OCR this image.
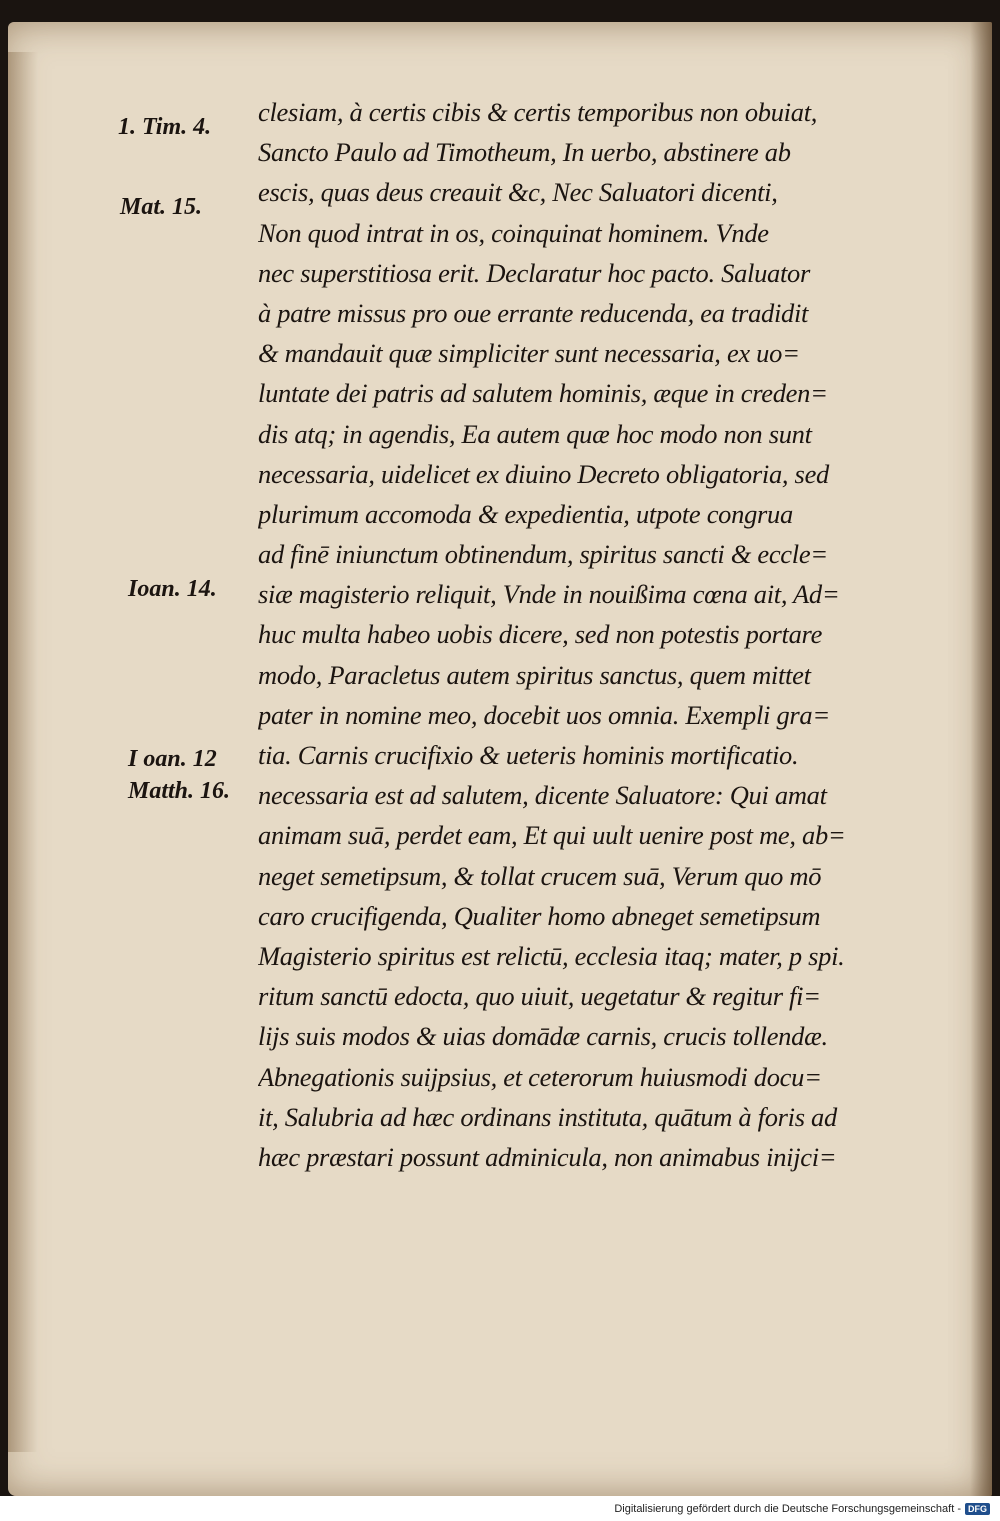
1. Tim. 4.
Mat. 15.
Ioan. 14.
I oan. 12
Matth. 16.
clesiam, à certis cibis & certis temporibus non obuiat,
Sancto Paulo ad Timotheum, In uerbo, abstinere ab
escis, quas deus creauit &c, Nec Saluatori dicenti,
Non quod intrat in os, coinquinat hominem. Vnde
nec superstitiosa erit. Declaratur hoc pacto. Saluator
à patre missus pro oue errante reducenda, ea tradidit
& mandauit quæ simpliciter sunt necessaria, ex uo=
luntate dei patris ad salutem hominis, æque in creden=
dis atq; in agendis, Ea autem quæ hoc modo non sunt
necessaria, uidelicet ex diuino Decreto obligatoria, sed
plurimum accomoda & expedientia, utpote congrua
ad finē iniunctum obtinendum, spiritus sancti & eccle=
siæ magisterio reliquit, Vnde in nouißima cœna ait, Ad=
huc multa habeo uobis dicere, sed non potestis portare
modo, Paracletus autem spiritus sanctus, quem mittet
pater in nomine meo, docebit uos omnia. Exempli gra=
tia. Carnis crucifixio & ueteris hominis mortificatio.
necessaria est ad salutem, dicente Saluatore: Qui amat
animam suā, perdet eam, Et qui uult uenire post me, ab=
neget semetipsum, & tollat crucem suā, Verum quo mō
caro crucifigenda, Qualiter homo abneget semetipsum
Magisterio spiritus est relictū, ecclesia itaq; mater, p spi.
ritum sanctū edocta, quo uiuit, uegetatur & regitur fi=
lijs suis modos & uias domādæ carnis, crucis tollendæ.
Abnegationis suijpsius, et ceterorum huiusmodi docu=
it, Salubria ad hæc ordinans instituta, quātum à foris ad
hæc præstari possunt adminicula, non animabus inijci=
Digitalisierung gefördert durch die Deutsche Forschungsgemeinschaft - DFG
